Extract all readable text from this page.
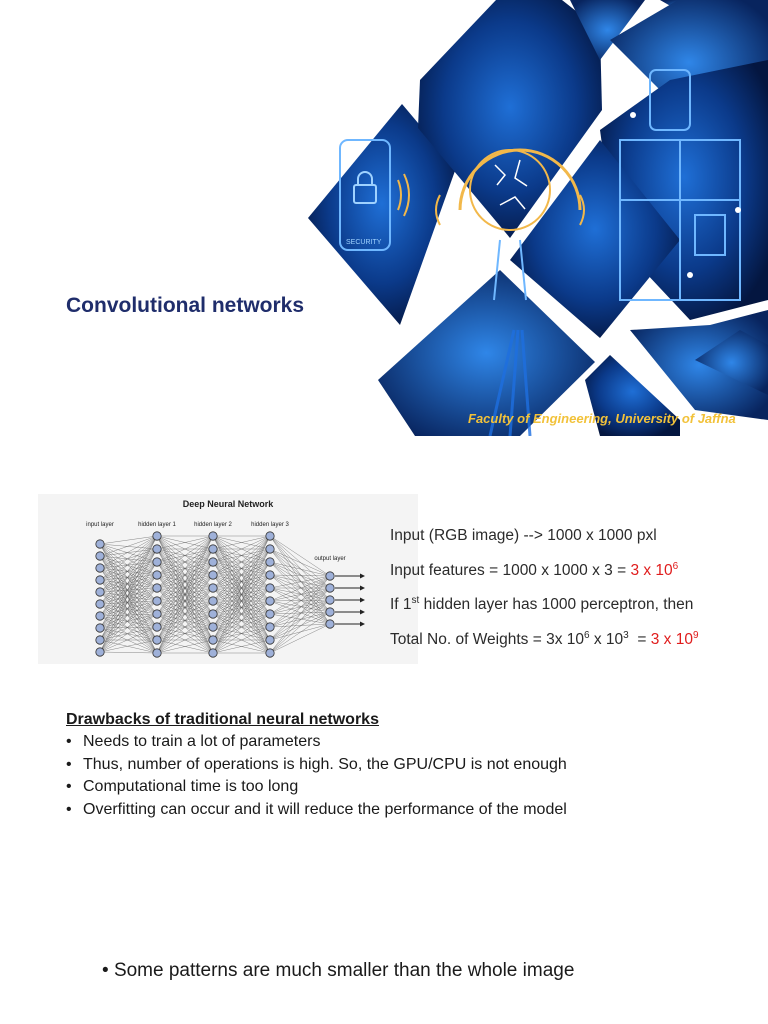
Convolutional networks
SECURITY
Faculty of Engineering, University of Jaffna
Deep Neural Network
input layer	hidden layer 1	hidden layer 2	hidden layer 3
output layer
Input (RGB image) --> 1000 x 1000 pxl
Input features = 1000 x 1000 x 3 = 3 x $10^6$
If 1st hidden layer has 1000 perceptron, then
Total No. of Weights = 3x $10^6$ x $10^3 = 3$ x $10^9$
Drawbacks of traditional neural networks
• Needs to train a lot of parameters
• Thus, number of operations is high. So, the GPU/CPU is not enough
• Computational time is too long
• Overfitting can occur and it will reduce the performance of the model
• Some patterns are much smaller than the whole image
